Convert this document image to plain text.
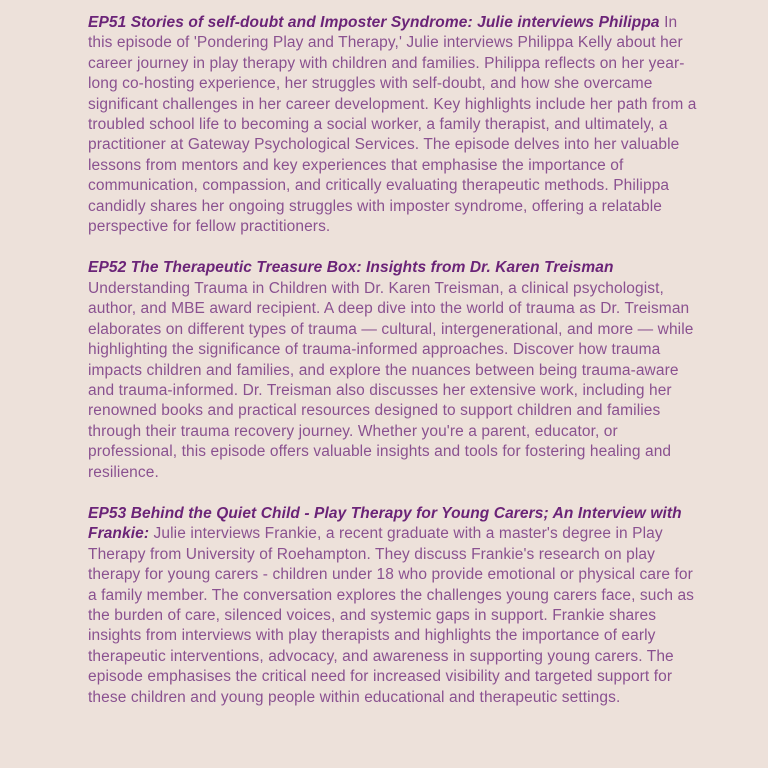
EP51 Stories of self-doubt and Imposter Syndrome: Julie interviews Philippa In this episode of 'Pondering Play and Therapy,' Julie interviews Philippa Kelly about her career journey in play therapy with children and families. Philippa reflects on her year-long co-hosting experience, her struggles with self-doubt, and how she overcame significant challenges in her career development. Key highlights include her path from a troubled school life to becoming a social worker, a family therapist, and ultimately, a practitioner at Gateway Psychological Services. The episode delves into her valuable lessons from mentors and key experiences that emphasise the importance of communication, compassion, and critically evaluating therapeutic methods. Philippa candidly shares her ongoing struggles with imposter syndrome, offering a relatable perspective for fellow practitioners.

EP52 The Therapeutic Treasure Box: Insights from Dr. Karen Treisman Understanding Trauma in Children with Dr. Karen Treisman, a clinical psychologist, author, and MBE award recipient. A deep dive into the world of trauma as Dr. Treisman elaborates on different types of trauma — cultural, intergenerational, and more — while highlighting the significance of trauma-informed approaches. Discover how trauma impacts children and families, and explore the nuances between being trauma-aware and trauma-informed. Dr. Treisman also discusses her extensive work, including her renowned books and practical resources designed to support children and families through their trauma recovery journey. Whether you're a parent, educator, or professional, this episode offers valuable insights and tools for fostering healing and resilience.

EP53 Behind the Quiet Child - Play Therapy for Young Carers; An Interview with Frankie: Julie interviews Frankie, a recent graduate with a master's degree in Play Therapy from University of Roehampton. They discuss Frankie's research on play therapy for young carers - children under 18 who provide emotional or physical care for a family member. The conversation explores the challenges young carers face, such as the burden of care, silenced voices, and systemic gaps in support. Frankie shares insights from interviews with play therapists and highlights the importance of early therapeutic interventions, advocacy, and awareness in supporting young carers. The episode emphasises the critical need for increased visibility and targeted support for these children and young people within educational and therapeutic settings.
